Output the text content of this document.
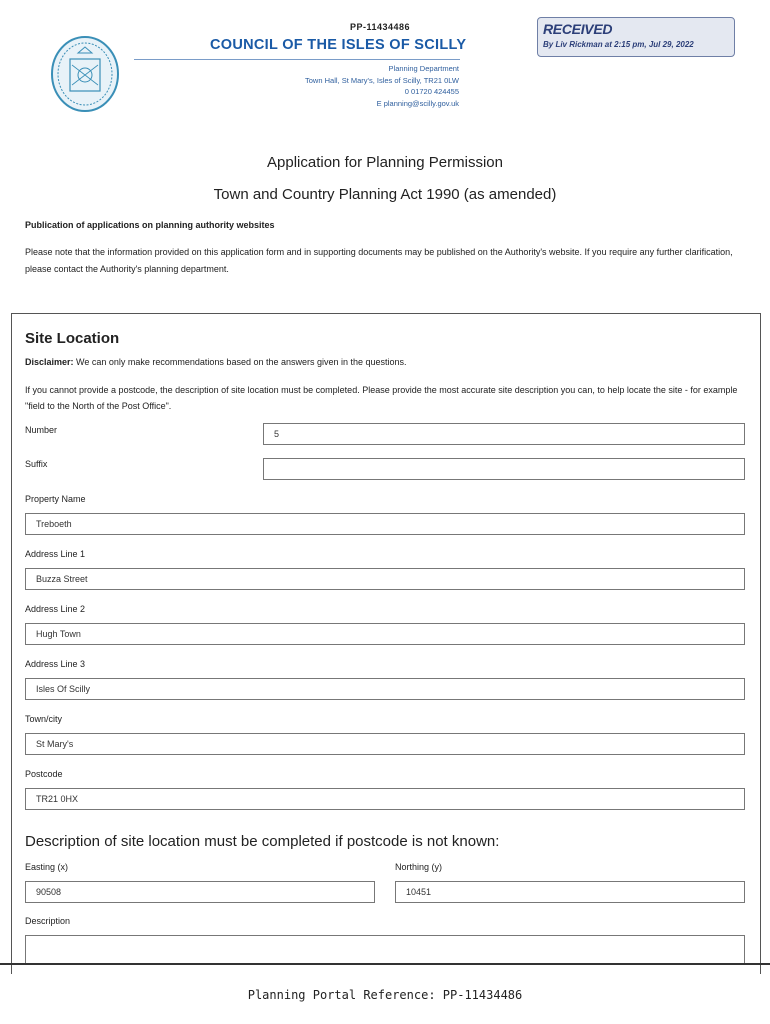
PP-11434486
COUNCIL OF THE ISLES OF SCILLY
Planning Department
Town Hall, St Mary's, Isles of Scilly, TR21 0LW
0 01720 424455
E planning@scilly.gov.uk
RECEIVED
By Liv Rickman at 2:15 pm, Jul 29, 2022
Application for Planning Permission
Town and Country Planning Act 1990 (as amended)
Publication of applications on planning authority websites
Please note that the information provided on this application form and in supporting documents may be published on the Authority's website. If you require any further clarification, please contact the Authority's planning department.
Site Location
Disclaimer: We can only make recommendations based on the answers given in the questions.
If you cannot provide a postcode, the description of site location must be completed. Please provide the most accurate site description you can, to help locate the site - for example "field to the North of the Post Office".
Number	5
Suffix
Property Name
Treboeth
Address Line 1
Buzza Street
Address Line 2
Hugh Town
Address Line 3
Isles Of Scilly
Town/city
St Mary's
Postcode
TR21 0HX
Description of site location must be completed if postcode is not known:
Easting (x)
90508
Northing (y)
10451
Description
Planning Portal Reference: PP-11434486
